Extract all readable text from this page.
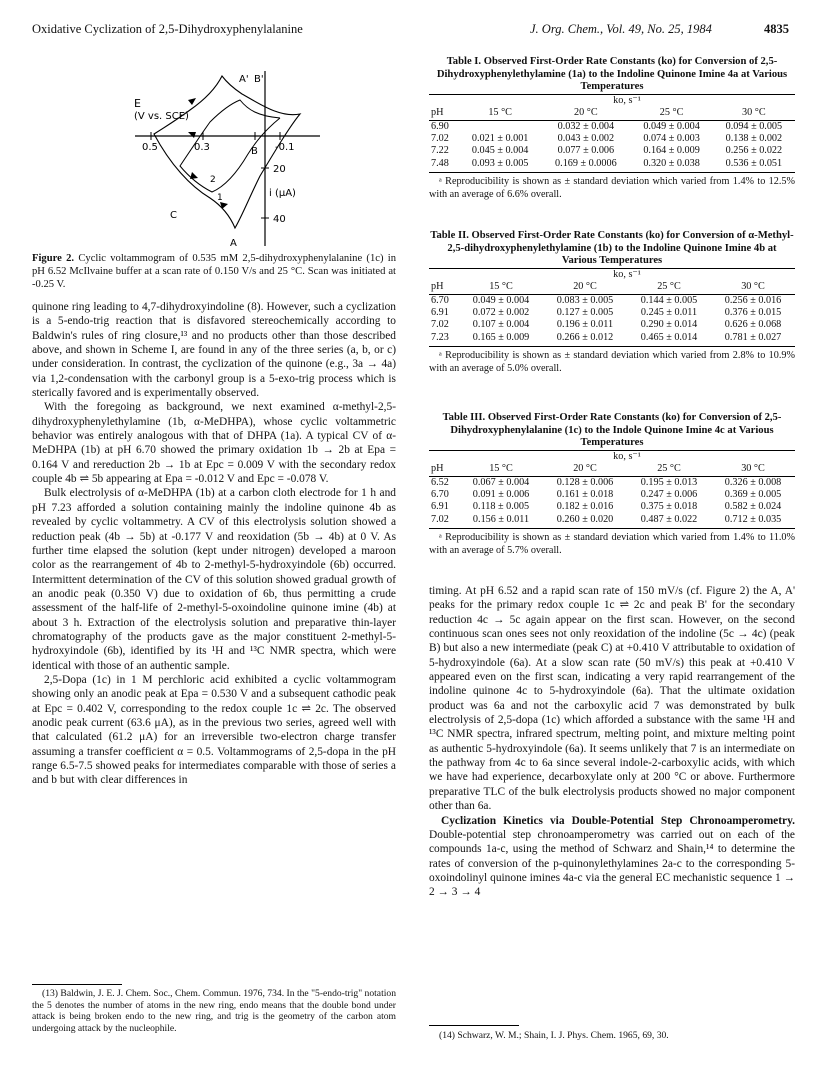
Oxidative Cyclization of 2,5-Dihydroxyphenylalanine	J. Org. Chem., Vol. 49, No. 25, 1984	4835
E
(V vs. SCE)
0.5	0.3	-0.1
20
i (μA)
40
A' B'
B
2
1
C
A
Figure 2. Cyclic voltammogram of 0.535 mM 2,5-dihydroxyphenylalanine (1c) in pH 6.52 McIlvaine buffer at a scan rate of 0.150 V/s and 25 °C. Scan was initiated at -0.25 V.

quinone ring leading to 4,7-dihydroxyindoline (8). However, such a cyclization is a 5-endo-trig reaction that is disfavored stereochemically according to Baldwin's rules of ring closure,¹³ and no products other than those described above, and shown in Scheme I, are found in any of the three series (a, b, or c) under consideration. In contrast, the cyclization of the quinone (e.g., 3a → 4a) via 1,2-condensation with the carbonyl group is a 5-exo-trig process which is sterically favored and is experimentally observed.

With the foregoing as background, we next examined α-methyl-2,5-dihydroxyphenylethylamine (1b, α-MeDHPA), whose cyclic voltammetric behavior was entirely analogous with that of DHPA (1a). A typical CV of α-MeDHPA (1b) at pH 6.70 showed the primary oxidation 1b → 2b at Epa = 0.164 V and rereduction 2b → 1b at Epc = 0.009 V with the secondary redox couple 4b ⇌ 5b appearing at Epa = -0.012 V and Epc = -0.078 V.

Bulk electrolysis of α-MeDHPA (1b) at a carbon cloth electrode for 1 h and pH 7.23 afforded a solution containing mainly the indoline quinone 4b as revealed by cyclic voltammetry. A CV of this electrolysis solution showed a reduction peak (4b → 5b) at -0.177 V and reoxidation (5b → 4b) at 0 V. As further time elapsed the solution (kept under nitrogen) developed a maroon color as the rearrangement of 4b to 2-methyl-5-hydroxyindole (6b) occurred. Intermittent determination of the CV of this solution showed gradual growth of an anodic peak (0.350 V) due to oxidation of 6b, thus permitting a crude assessment of the half-life of 2-methyl-5-oxoindoline quinone imine (4b) at about 3 h. Extraction of the electrolysis solution and preparative thin-layer chromatography of the products gave as the major constituent 2-methyl-5-hydroxyindole (6b), identified by its ¹H and ¹³C NMR spectra, which were identical with those of an authentic sample.

2,5-Dopa (1c) in 1 M perchloric acid exhibited a cyclic voltammogram showing only an anodic peak at Epa = 0.530 V and a subsequent cathodic peak at Epc = 0.402 V, corresponding to the redox couple 1c ⇌ 2c. The observed anodic peak current (63.6 μA), as in the previous two series, agreed well with that calculated (61.2 μA) for an irreversible two-electron charge transfer assuming a transfer coefficient α = 0.5. Voltammograms of 2,5-dopa in the pH range 6.5-7.5 showed peaks for intermediates comparable with those of series a and b but with clear differences in

(13) Baldwin, J. E. J. Chem. Soc., Chem. Commun. 1976, 734. In the "5-endo-trig" notation the 5 denotes the number of atoms in the new ring, endo means that the double bond under attack is being broken endo to the new ring, and trig is the geometry of the carbon atom undergoing attack by the nucleophile.
Table I. Observed First-Order Rate Constants (ko) for Conversion of 2,5-Dihydroxyphenylethylamine (1a) to the Indoline Quinone Imine 4a at Various Temperatures
	ko, s⁻¹			
pH	15 °C	20 °C	25 °C	30 °C
6.90		0.032 ± 0.004	0.049 ± 0.004	0.094 ± 0.005
7.02	0.021 ± 0.001	0.043 ± 0.002	0.074 ± 0.003	0.138 ± 0.002
7.22	0.045 ± 0.004	0.077 ± 0.006	0.164 ± 0.009	0.256 ± 0.022
7.48	0.093 ± 0.005	0.169 ± 0.0006	0.320 ± 0.038	0.536 ± 0.051
ᵃ Reproducibility is shown as ± standard deviation which varied from 1.4% to 12.5% with an average of 6.6% overall.
Table II. Observed First-Order Rate Constants (ko) for Conversion of α-Methyl-2,5-dihydroxyphenylethylamine (1b) to the Indoline Quinone Imine 4b at Various Temperatures
	ko, s⁻¹			
pH	15 °C	20 °C	25 °C	30 °C
6.70	0.049 ± 0.004	0.083 ± 0.005	0.144 ± 0.005	0.256 ± 0.016
6.91	0.072 ± 0.002	0.127 ± 0.005	0.245 ± 0.011	0.376 ± 0.015
7.02	0.107 ± 0.004	0.196 ± 0.011	0.290 ± 0.014	0.626 ± 0.068
7.23	0.165 ± 0.009	0.266 ± 0.012	0.465 ± 0.014	0.781 ± 0.027
ᵃ Reproducibility is shown as ± standard deviation which varied from 2.8% to 10.9% with an average of 5.0% overall.
Table III. Observed First-Order Rate Constants (ko) for Conversion of 2,5-Dihydroxyphenylalanine (1c) to the Indole Quinone Imine 4c at Various Temperatures
	ko, s⁻¹			
pH	15 °C	20 °C	25 °C	30 °C
6.52	0.067 ± 0.004	0.128 ± 0.006	0.195 ± 0.013	0.326 ± 0.008
6.70	0.091 ± 0.006	0.161 ± 0.018	0.247 ± 0.006	0.369 ± 0.005
6.91	0.118 ± 0.005	0.182 ± 0.016	0.375 ± 0.018	0.582 ± 0.024
7.02	0.156 ± 0.011	0.260 ± 0.020	0.487 ± 0.022	0.712 ± 0.035
ᵃ Reproducibility is shown as ± standard deviation which varied from 1.4% to 11.0% with an average of 5.7% overall.

timing. At pH 6.52 and a rapid scan rate of 150 mV/s (cf. Figure 2) the A, A' peaks for the primary redox couple 1c ⇌ 2c and peak B' for the secondary reduction 4c → 5c again appear on the first scan. However, on the second continuous scan ones sees not only reoxidation of the indoline (5c → 4c) (peak B) but also a new intermediate (peak C) at +0.410 V attributable to oxidation of 5-hydroxyindole (6a). At a slow scan rate (50 mV/s) this peak at +0.410 V appeared even on the first scan, indicating a very rapid rearrangement of the indoline quinone 4c to 5-hydroxyindole (6a). That the ultimate oxidation product was 6a and not the carboxylic acid 7 was demonstrated by bulk electrolysis of 2,5-dopa (1c) which afforded a substance with the same ¹H and ¹³C NMR spectra, infrared spectrum, melting point, and mixture melting point as authentic 5-hydroxyindole (6a). It seems unlikely that 7 is an intermediate on the pathway from 4c to 6a since several indole-2-carboxylic acids, with which we have had experience, decarboxylate only at 200 °C or above. Furthermore preparative TLC of the bulk electrolysis products showed no major component other than 6a.

Cyclization Kinetics via Double-Potential Step Chronoamperometry. Double-potential step chronoamperometry was carried out on each of the compounds 1a-c, using the method of Schwarz and Shain,¹⁴ to determine the rates of conversion of the p-quinonylethylamines 2a-c to the corresponding 5-oxoindolinyl quinone imines 4a-c via the general EC mechanistic sequence 1 → 2 → 3 → 4

(14) Schwarz, W. M.; Shain, I. J. Phys. Chem. 1965, 69, 30.
